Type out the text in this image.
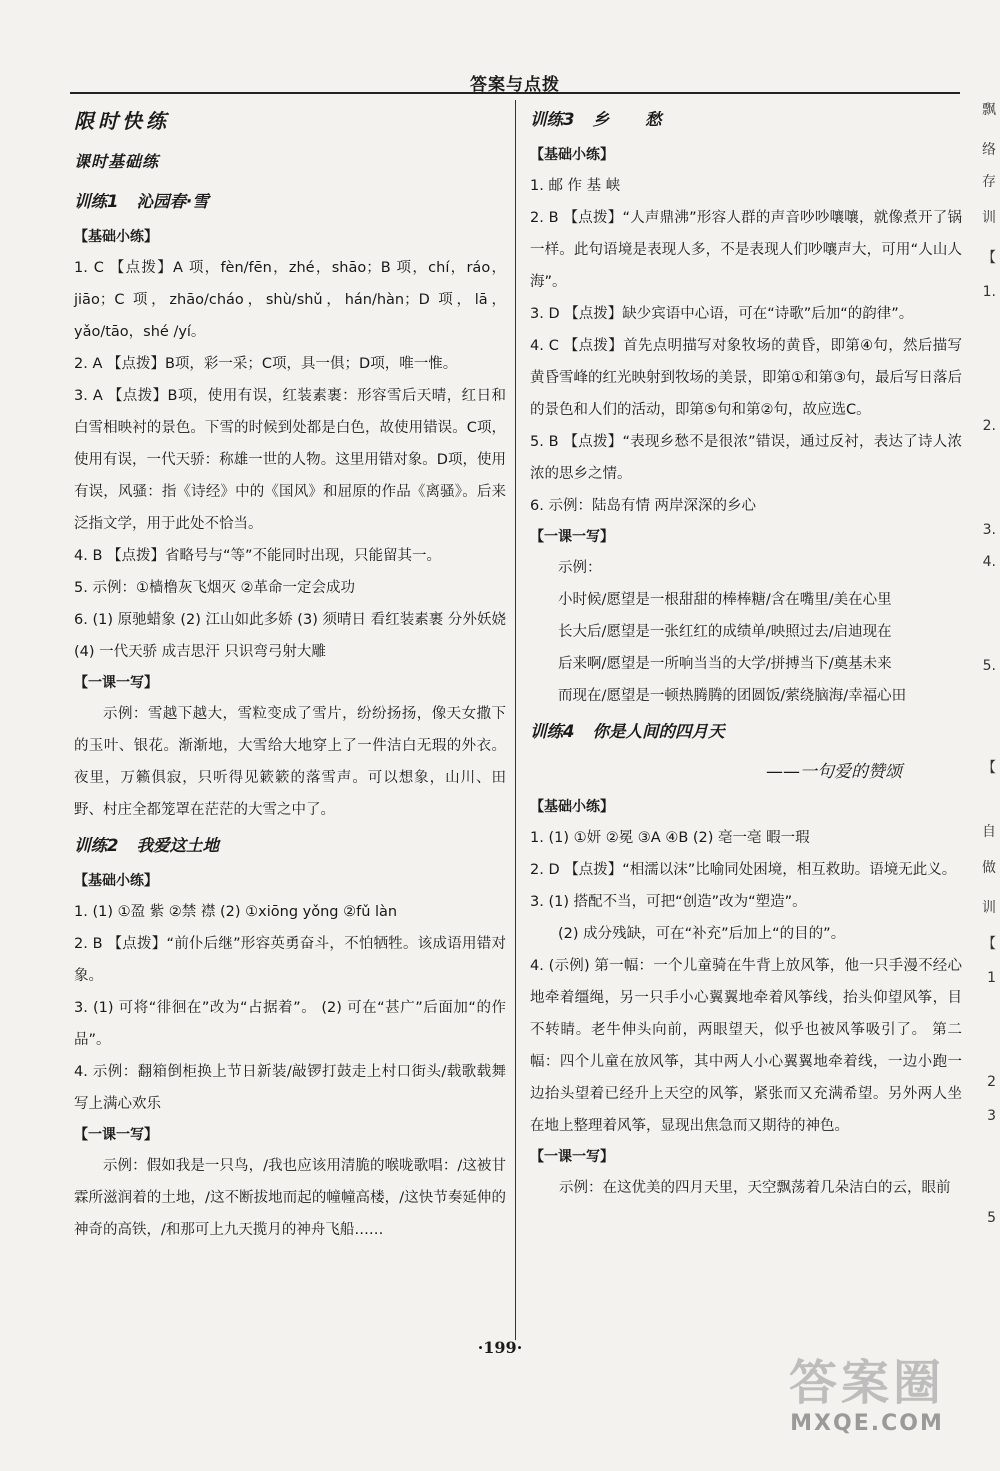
答案与点拨
限时快练
课时基础练
训练1 沁园春·雪
【基础小练】

1. C 【点拨】A 项，fèn/fēn，zhé，shāo；B 项，chí，ráo，jiāo；C 项，zhāo/cháo，shù/shǔ，hán/hàn；D 项，lā，yǎo/tāo，shé /yí。

2. A 【点拨】B项，彩一采；C项，具一俱；D项，唯一惟。

3. A 【点拨】B项，使用有误，红装素裹：形容雪后天晴，红日和白雪相映衬的景色。下雪的时候到处都是白色，故使用错误。C项，使用有误，一代天骄：称雄一世的人物。这里用错对象。D项，使用有误，风骚：指《诗经》中的《国风》和屈原的作品《离骚》。后来泛指文学，用于此处不恰当。

4. B 【点拨】省略号与“等”不能同时出现，只能留其一。

5. 示例：①樯橹灰飞烟灭 ②革命一定会成功

6. (1) 原驰蜡象 (2) 江山如此多娇 (3) 须晴日 看红装素裹 分外妖娆 (4) 一代天骄 成吉思汗 只识弯弓射大雕

【一课一写】

示例：雪越下越大，雪粒变成了雪片，纷纷扬扬，像天女撒下的玉叶、银花。渐渐地，大雪给大地穿上了一件洁白无瑕的外衣。夜里，万籁俱寂，只听得见簌簌的落雪声。可以想象，山川、田野、村庄全都笼罩在茫茫的大雪之中了。

训练2 我爱这土地
【基础小练】

1. (1) ①盈 紫 ②禁 襟 (2) ①xiōng yǒng ②fǔ làn

2. B 【点拨】“前仆后继”形容英勇奋斗，不怕牺牲。该成语用错对象。

3. (1) 可将“徘徊在”改为“占据着”。 (2) 可在“甚广”后面加“的作品”。

4. 示例：翻箱倒柜换上节日新装/敲锣打鼓走上村口街头/载歌载舞写上满心欢乐

【一课一写】

示例：假如我是一只鸟，/我也应该用清脆的喉咙歌唱：/这被甘霖所滋润着的土地，/这不断拔地而起的幢幢高楼，/这快节奏延伸的神奇的高铁，/和那可上九天揽月的神舟飞船……

训练3 乡 愁
【基础小练】

1. 邮 作 基 峡

2. B 【点拨】“人声鼎沸”形容人群的声音吵吵嚷嚷，就像煮开了锅一样。此句语境是表现人多，不是表现人们吵嚷声大，可用“人山人海”。

3. D 【点拨】缺少宾语中心语，可在“诗歌”后加“的韵律”。

4. C 【点拨】首先点明描写对象牧场的黄昏，即第④句，然后描写黄昏雪峰的红光映射到牧场的美景，即第①和第③句，最后写日落后的景色和人们的活动，即第⑤句和第②句，故应选C。

5. B 【点拨】“表现乡愁不是很浓”错误，通过反衬，表达了诗人浓浓的思乡之情。

6. 示例：陆岛有情 两岸深深的乡心

【一课一写】

示例：

小时候/愿望是一根甜甜的棒棒糖/含在嘴里/美在心里

长大后/愿望是一张红红的成绩单/映照过去/启迪现在

后来啊/愿望是一所响当当的大学/拼搏当下/奠基未来

而现在/愿望是一顿热腾腾的团圆饭/萦绕脑海/幸福心田

训练4 你是人间的四月天
——一句爱的赞颂
【基础小练】

1. (1) ①妍 ②冕 ③A ④B (2) 亳一亳 暇一瑕

2. D 【点拨】“相濡以沫”比喻同处困境，相互救助。语境无此义。

3. (1) 搭配不当，可把“创造”改为“塑造”。

(2) 成分残缺，可在“补充”后加上“的目的”。

4. (示例) 第一幅：一个儿童骑在牛背上放风筝，他一只手漫不经心地牵着缰绳，另一只手小心翼翼地牵着风筝线，抬头仰望风筝，目不转睛。老牛伸头向前，两眼望天，似乎也被风筝吸引了。 第二幅：四个儿童在放风筝，其中两人小心翼翼地牵着线，一边小跑一边抬头望着已经升上天空的风筝，紧张而又充满希望。另外两人坐在地上整理着风筝，显现出焦急而又期待的神色。

【一课一写】

示例：在这优美的四月天里，天空飘荡着几朵洁白的云，眼前

·199·
飘
络
存
训
【
1.
2.
3.
4.
5.
【
自
做
训
【
1
2
3
5
答案圈
MXQE.COM
